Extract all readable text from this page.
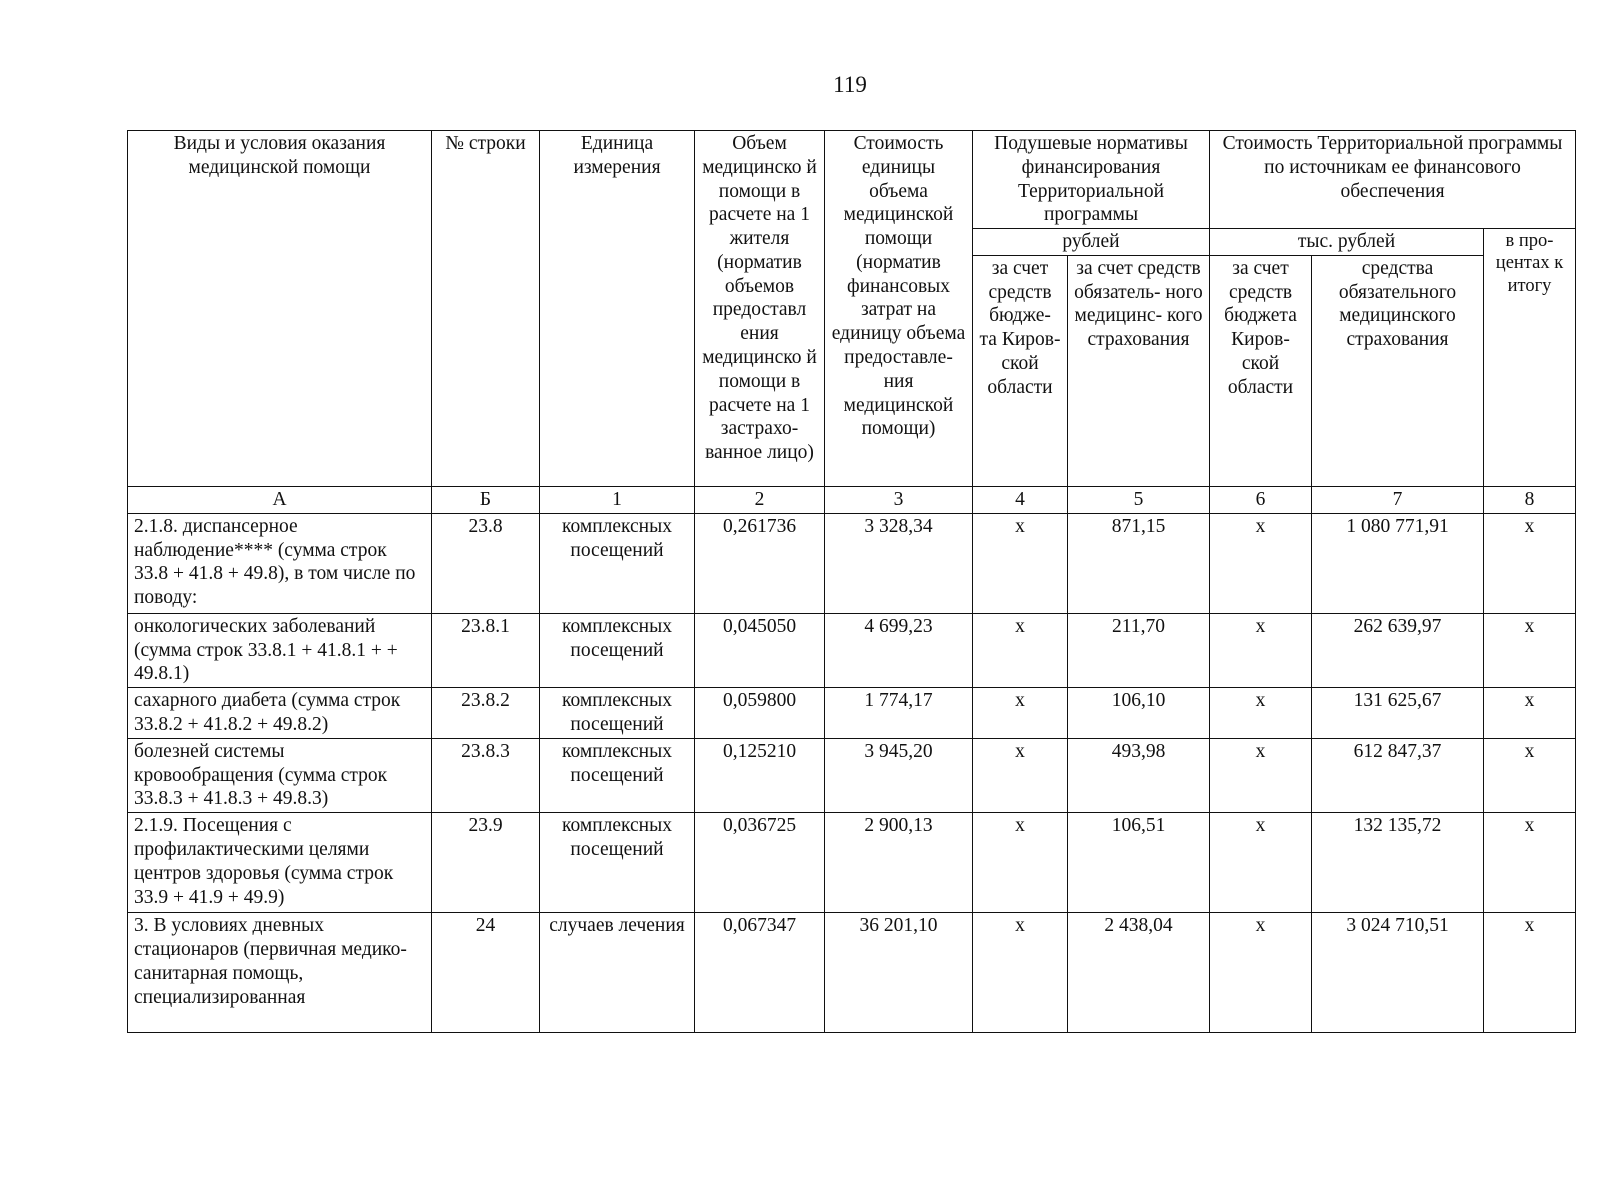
119
Виды и условия оказания медицинской помощи	№ строки	Единица измерения	Объем медицинско й помощи в расчете на 1 жителя (норматив объемов предоставл ения медицинско й помощи в расчете на 1 застрахо- ванное лицо)	Стоимость единицы объема медицинской помощи (норматив финансовых затрат на единицу объема предоставле- ния медицинской помощи)	Подушевые нормативы финансирования Территориальной программы		Стоимость Территориальной программы по источникам ее финансового обеспечения		
					рублей		тыс. рублей		в про- центах к итогу
					за счет средств бюдже- та Киров- ской области	за счет средств обязатель- ного медицинс- кого страхования	за счет средств бюджета Киров- ской области	средства обязательного медицинского страхования	
А	Б	1	2	3	4	5	6	7	8
2.1.8. диспансерное наблюдение**** (сумма строк 33.8 + 41.8 + 49.8), в том числе по поводу:	23.8	комплексных посещений	0,261736	3 328,34	х	871,15	х	1 080 771,91	х
онкологических заболеваний (сумма строк 33.8.1 + 41.8.1 + + 49.8.1)	23.8.1	комплексных посещений	0,045050	4 699,23	х	211,70	х	262 639,97	х
сахарного диабета (сумма строк 33.8.2 + 41.8.2 + 49.8.2)	23.8.2	комплексных посещений	0,059800	1 774,17	х	106,10	х	131 625,67	х
болезней системы кровообращения (сумма строк 33.8.3 + 41.8.3 + 49.8.3)	23.8.3	комплексных посещений	0,125210	3 945,20	х	493,98	х	612 847,37	х
2.1.9. Посещения с профилактическими целями центров здоровья (сумма строк 33.9 + 41.9 + 49.9)	23.9	комплексных посещений	0,036725	2 900,13	х	106,51	х	132 135,72	х
3. В условиях дневных стационаров (первичная медико-санитарная помощь, специализированная	24	случаев лечения	0,067347	36 201,10	х	2 438,04	х	3 024 710,51	х
